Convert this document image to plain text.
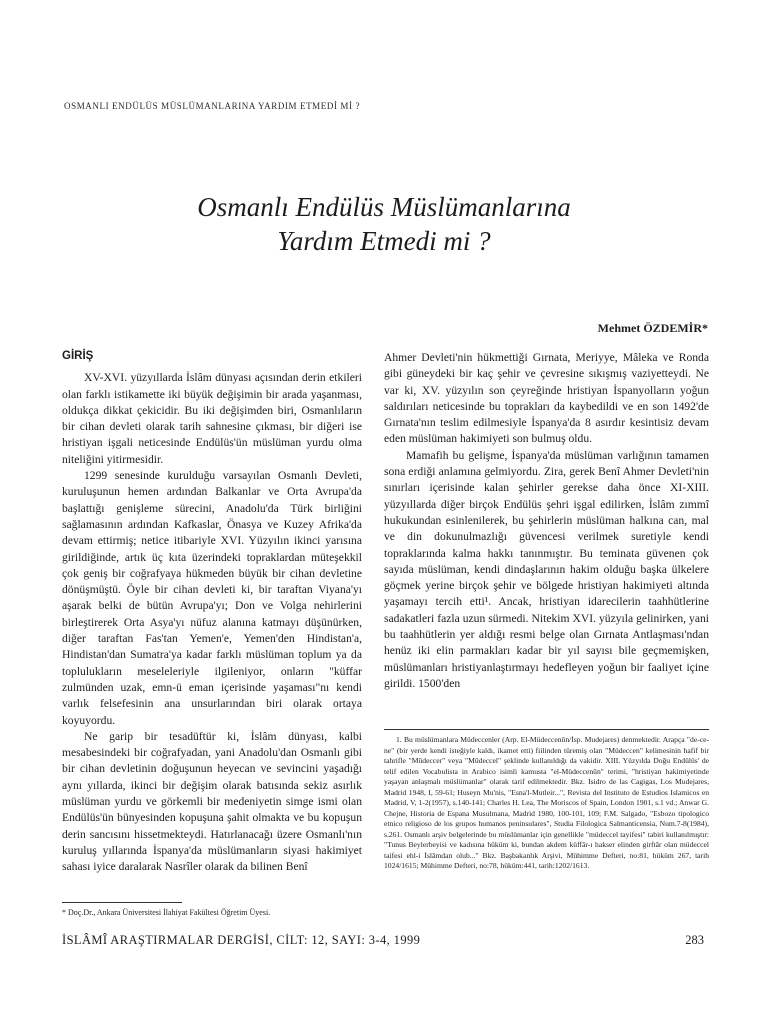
OSMANLI ENDÜLÜS MÜSLÜMANLARINA YARDIM ETMEDİ Mİ ?
Osmanlı Endülüs Müslümanlarına
Yardım Etmedi mi ?
Mehmet ÖZDEMİR*

GİRİŞ

XV-XVI. yüzyıllarda İslâm dünyası açısından derin etkileri olan farklı istikamette iki büyük değişimin bir arada yaşanması, oldukça dikkat çekicidir. Bu iki değişimden biri, Osmanlıların bir cihan devleti olarak tarih sahnesine çıkması, bir diğeri ise hristiyan işgali neticesinde Endülüs'ün müslüman yurdu olma niteliğini yitirmesidir.

1299 senesinde kurulduğu varsayılan Osmanlı Devleti, kuruluşunun hemen ardından Balkanlar ve Orta Avrupa'da başlattığı genişleme sürecini, Anadolu'da Türk birliğini sağlamasının ardından Kafkaslar, Önasya ve Kuzey Afrika'da devam ettirmiş; netice itibariyle XVI. Yüzyılın ikinci yarısına girildiğinde, artık üç kıta üzerindeki topraklardan müteşekkil çok geniş bir coğrafyaya hükmeden büyük bir cihan devletine dönüşmüştü. Öyle bir cihan devleti ki, bir taraftan Viyana'yı aşarak belki de bütün Avrupa'yı; Don ve Volga nehirlerini birleştirerek Orta Asya'yı nüfuz alanına katmayı düşünürken, diğer taraftan Fas'tan Yemen'e, Yemen'den Hindistan'a, Hindistan'dan Sumatra'ya kadar farklı müslüman toplum ya da toplulukların meseleleriyle ilgileniyor, onların "küffar zulmünden uzak, emn-ü eman içerisinde yaşaması"nı kendi varlık felsefesinin ana unsurlarından biri olarak ortaya koyuyordu.

Ne garip bir tesadüftür ki, İslâm dünyası, kalbi mesabesindeki bir coğrafyadan, yani Anadolu'dan Osmanlı gibi bir cihan devletinin doğuşunun heyecan ve sevincini yaşadığı aynı yıllarda, ikinci bir değişim olarak batısında sekiz asırlık müslüman yurdu ve görkemli bir medeniyetin simge ismi olan Endülüs'ün bünyesinden kopuşuna şahit olmakta ve bu kopuşun derin sancısını hissetmekteydi. Hatırlanacağı üzere Osmanlı'nın kuruluş yıllarında İspanya'da müslümanların siyasi hakimiyet sahası iyice daralarak Nasrîler olarak da bilinen Benî

Ahmer Devleti'nin hükmettiği Gırnata, Meriyye, Mâleka ve Ronda gibi güneydeki bir kaç şehir ve çevresine sıkışmış vaziyetteydi. Ne var ki, XV. yüzyılın son çeyreğinde hristiyan İspanyolların yoğun saldırıları neticesinde bu toprakları da kaybedildi ve en son 1492'de Gırnata'nın teslim edilmesiyle İspanya'da 8 asırdır kesintisiz devam eden müslüman hakimiyeti son bulmuş oldu.

Mamafih bu gelişme, İspanya'da müslüman varlığının tamamen sona erdiği anlamına gelmiyordu. Zira, gerek Benî Ahmer Devleti'nin sınırları içerisinde kalan şehirler gerekse daha önce XI-XIII. yüzyıllarda diğer birçok Endülüs şehri işgal edilirken, İslâm zımmî hukukundan esinlenilerek, bu şehirlerin müslüman halkına can, mal ve din dokunulmazlığı güvencesi verilmek suretiyle kendi topraklarında kalma hakkı tanınmıştır. Bu teminata güvenen çok sayıda müslüman, kendi dindaşlarının hakim olduğu başka ülkelere göçmek yerine birçok şehir ve bölgede hristiyan hakimiyeti altında yaşamayı tercih etti¹. Ancak, hristiyan idarecilerin taahhütlerine sadakatleri fazla uzun sürmedi. Nitekim XVI. yüzyıla gelinirken, yani bu taahhütlerin yer aldığı resmi belge olan Gırnata Antlaşması'ndan henüz iki elin parmakları kadar bir yıl sayısı bile geçmemişken, müslümanları hristiyanlaştırmayı hedefleyen yoğun bir faaliyet içine girildi. 1500'den

1. Bu müslümanlara Müdeccenler (Arp. El-Müdeccenûn/İsp. Mudejares) denmektedir. Arapça "de-ce-ne" (bir yerde kendi isteğiyle kaldı, ikamet etti) fiilinden türemiş olan "Müdeccen" kelimesinin hafif bir tahrifle "Mûdeccer" veya "Mûdeccel" şeklinde kullanıldığı da vakidir. XIII. Yüzyılda Doğu Endülüs' de telif edilen Vocabulista in Arabico isimli kamusta "el-Müdeccenûn" terimi, "hristiyan hakimiyetinde yaşayan anlaşmalı müslümanlar" olarak tarif edilmektedir. Bkz. Isidro de las Cagigas, Los Mudejares, Madrid 1948, I, 59-61; Huseyn Mu'nis, "Esna'l-Mutleir...", Revista del Instituto de Estudios Islamicos en Madrid, V, 1-2(1957), s.140-141; Charles H. Lea, The Moriscos of Spain, London 1901, s.1 vd.; Anwar G. Chejne, Historia de Espana Musulmana, Madrid 1980, 100-101, 109; F.M. Salgado, "Esbozo tipologico etnico religioso de los grupos humanos peninsulares", Studia Filologica Salmanticensia, Num.7-8(1984), s.261. Osmanlı arşiv belgelerinde bu müslümanlar için genellikle "müdeccel tayifesi" tabiri kullanılmıştır: "Tunus Beylerbeyisi ve kadısına hüküm ki, bundan akdem küffâr-ı hakser elinden girftâr olan müdeccel taifesi ehl-i İslâmdan olub..." Bkz. Başbakanlık Arşivi, Mühimme Defteri, no:81, hüküm 267, tarih 1024/1615; Mühimme Defteri, no:78, hüküm:441, tarih:1202/1613.

* Doç.Dr., Ankara Üniversitesi İlahiyat Fakültesi Öğretim Üyesi.
İSLÂMÎ ARAŞTIRMALAR DERGİSİ, CİLT: 12, SAYI: 3-4, 1999	283
